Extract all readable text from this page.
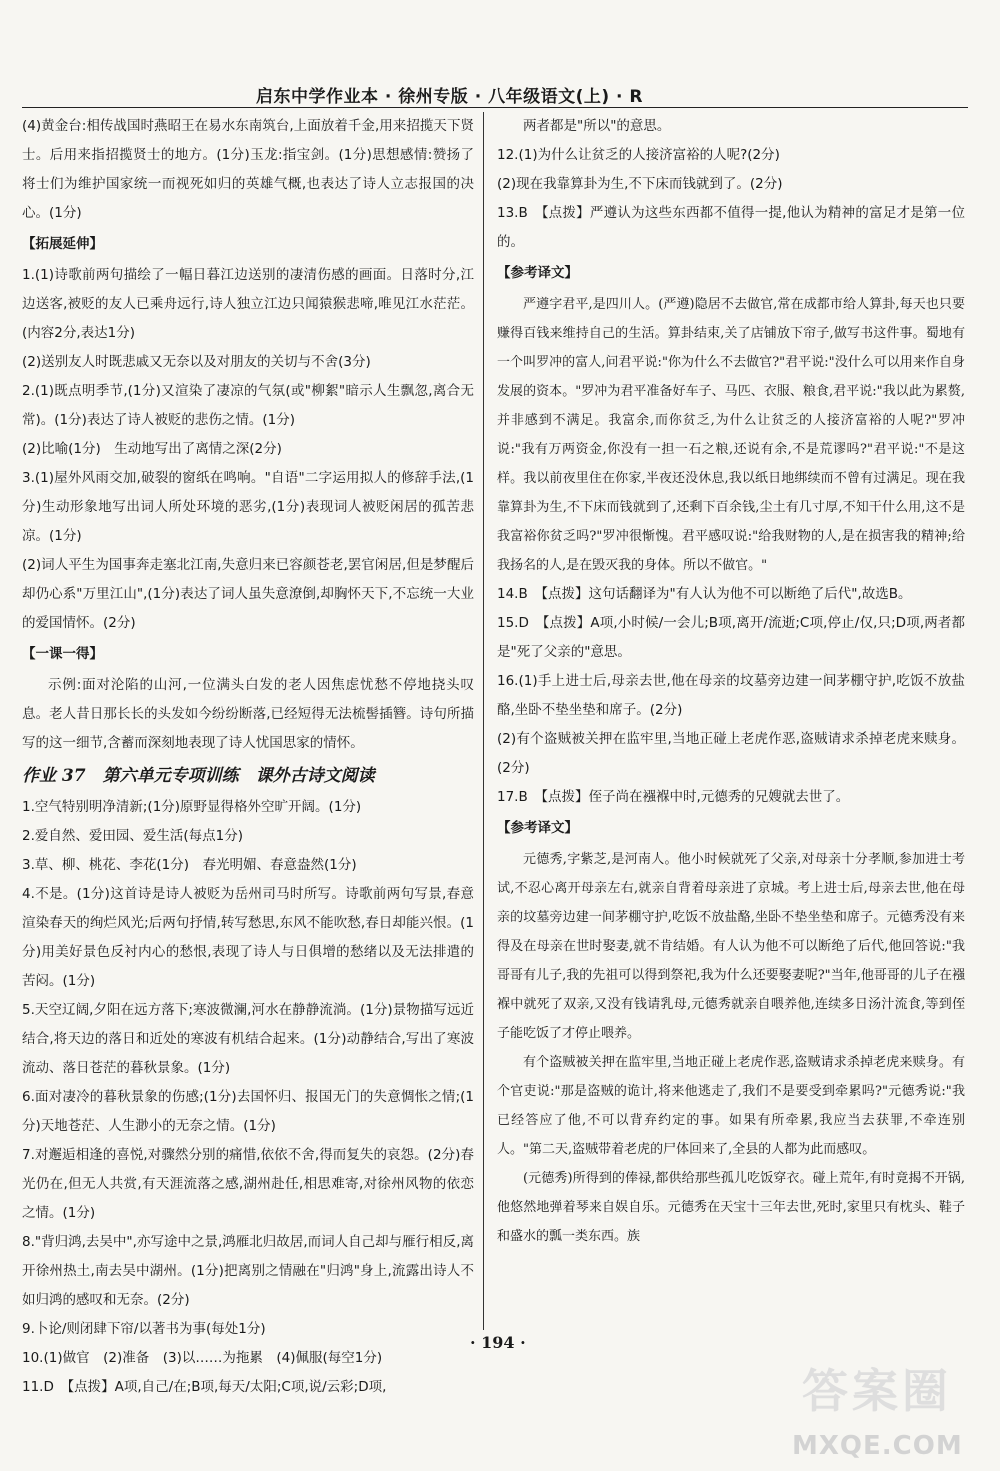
启东中学作业本 · 徐州专版 · 八年级语文(上) · R

(4)黄金台:相传战国时燕昭王在易水东南筑台,上面放着千金,用来招揽天下贤士。后用来指招揽贤士的地方。(1分)玉龙:指宝剑。(1分)思想感情:赞扬了将士们为维护国家统一而视死如归的英雄气概,也表达了诗人立志报国的决心。(1分)

【拓展延伸】

1.(1)诗歌前两句描绘了一幅日暮江边送别的凄清伤感的画面。日落时分,江边送客,被贬的友人已乘舟远行,诗人独立江边只闻猿猴悲啼,唯见江水茫茫。(内容2分,表达1分)

(2)送别友人时既悲戚又无奈以及对朋友的关切与不舍(3分)

2.(1)既点明季节,(1分)又渲染了凄凉的气氛(或"柳絮"暗示人生飘忽,离合无常)。(1分)表达了诗人被贬的悲伤之情。(1分)

(2)比喻(1分)　生动地写出了离情之深(2分)

3.(1)屋外风雨交加,破裂的窗纸在鸣响。"自语"二字运用拟人的修辞手法,(1分)生动形象地写出词人所处环境的恶劣,(1分)表现词人被贬闲居的孤苦悲凉。(1分)

(2)词人平生为国事奔走塞北江南,失意归来已容颜苍老,罢官闲居,但是梦醒后却仍心系"万里江山",(1分)表达了词人虽失意潦倒,却胸怀天下,不忘统一大业的爱国情怀。(2分)

【一课一得】

示例:面对沦陷的山河,一位满头白发的老人因焦虑忧愁不停地挠头叹息。老人昔日那长长的头发如今纷纷断落,已经短得无法梳髻插簪。诗句所描写的这一细节,含蓄而深刻地表现了诗人忧国思家的情怀。

作业 37　第六单元专项训练　课外古诗文阅读

1.空气特别明净清新;(1分)原野显得格外空旷开阔。(1分)

2.爱自然、爱田园、爱生活(每点1分)

3.草、柳、桃花、李花(1分)　春光明媚、春意盎然(1分)

4.不是。(1分)这首诗是诗人被贬为岳州司马时所写。诗歌前两句写景,春意渲染春天的绚烂风光;后两句抒情,转写愁思,东风不能吹愁,春日却能兴恨。(1分)用美好景色反衬内心的愁恨,表现了诗人与日俱增的愁绪以及无法排遣的苦闷。(1分)

5.天空辽阔,夕阳在远方落下;寒波微澜,河水在静静流淌。(1分)景物描写远近结合,将天边的落日和近处的寒波有机结合起来。(1分)动静结合,写出了寒波流动、落日苍茫的暮秋景象。(1分)

6.面对凄冷的暮秋景象的伤感;(1分)去国怀归、报国无门的失意惆怅之情;(1分)天地苍茫、人生渺小的无奈之情。(1分)

7.对邂逅相逢的喜悦,对骤然分别的痛惜,依依不舍,得而复失的哀怨。(2分)春光仍在,但无人共赏,有天涯流落之感,湖州赴任,相思难寄,对徐州风物的依恋之情。(1分)

8."背归鸿,去吴中",亦写途中之景,鸿雁北归故居,而词人自己却与雁行相反,离开徐州热土,南去吴中湖州。(1分)把离别之情融在"归鸿"身上,流露出诗人不如归鸿的感叹和无奈。(2分)

9.卜论/则闭肆下帘/以著书为事(每处1分)

10.(1)做官　(2)准备　(3)以……为拖累　(4)佩服(每空1分)

11.D　【点拨】A项,自己/在;B项,每天/太阳;C项,说/云彩;D项,

两者都是"所以"的意思。

12.(1)为什么让贫乏的人接济富裕的人呢?(2分)

(2)现在我靠算卦为生,不下床而钱就到了。(2分)

13.B　【点拨】严遵认为这些东西都不值得一提,他认为精神的富足才是第一位的。

【参考译文】

严遵字君平,是四川人。(严遵)隐居不去做官,常在成都市给人算卦,每天也只要赚得百钱来维持自己的生活。算卦结束,关了店铺放下帘子,做写书这件事。蜀地有一个叫罗冲的富人,问君平说:"你为什么不去做官?"君平说:"没什么可以用来作自身发展的资本。"罗冲为君平准备好车子、马匹、衣服、粮食,君平说:"我以此为累赘,并非感到不满足。我富余,而你贫乏,为什么让贫乏的人接济富裕的人呢?"罗冲说:"我有万两资金,你没有一担一石之粮,还说有余,不是荒谬吗?"君平说:"不是这样。我以前夜里住在你家,半夜还没休息,我以纸日地绑续而不曾有过满足。现在我靠算卦为生,不下床而钱就到了,还剩下百余钱,尘土有几寸厚,不知干什么用,这不是我富裕你贫乏吗?"罗冲很惭愧。君平感叹说:"给我财物的人,是在损害我的精神;给我扬名的人,是在毁灭我的身体。所以不做官。"

14.B　【点拨】这句话翻译为"有人认为他不可以断绝了后代",故选B。

15.D　【点拨】A项,小时候/一会儿;B项,离开/流逝;C项,停止/仅,只;D项,两者都是"死了父亲的"意思。

16.(1)手上进士后,母亲去世,他在母亲的坟墓旁边建一间茅棚守护,吃饭不放盐酪,坐卧不垫坐垫和席子。(2分)

(2)有个盗贼被关押在监牢里,当地正碰上老虎作恶,盗贼请求杀掉老虎来赎身。(2分)

17.B　【点拨】侄子尚在襁褓中时,元德秀的兄嫂就去世了。

【参考译文】

元德秀,字紫芝,是河南人。他小时候就死了父亲,对母亲十分孝顺,参加进士考试,不忍心离开母亲左右,就亲自背着母亲进了京城。考上进士后,母亲去世,他在母亲的坟墓旁边建一间茅棚守护,吃饭不放盐酪,坐卧不垫坐垫和席子。元德秀没有来得及在母亲在世时娶妻,就不肯结婚。有人认为他不可以断绝了后代,他回答说:"我哥哥有儿子,我的先祖可以得到祭祀,我为什么还要娶妻呢?"当年,他哥哥的儿子在襁褓中就死了双亲,又没有钱请乳母,元德秀就亲自喂养他,连续多日汤汁流食,等到侄子能吃饭了才停止喂养。

有个盗贼被关押在监牢里,当地正碰上老虎作恶,盗贼请求杀掉老虎来赎身。有个官吏说:"那是盗贼的诡计,将来他逃走了,我们不是要受到牵累吗?"元德秀说:"我已经答应了他,不可以背弃约定的事。如果有所牵累,我应当去获罪,不牵连别人。"第二天,盗贼带着老虎的尸体回来了,全县的人都为此而感叹。

(元德秀)所得到的俸禄,都供给那些孤儿吃饭穿衣。碰上荒年,有时竟揭不开锅,他悠然地弹着琴来自娱自乐。元德秀在天宝十三年去世,死时,家里只有枕头、鞋子和盛水的瓢一类东西。族

· 194 ·
答案圈
MXQE.COM
